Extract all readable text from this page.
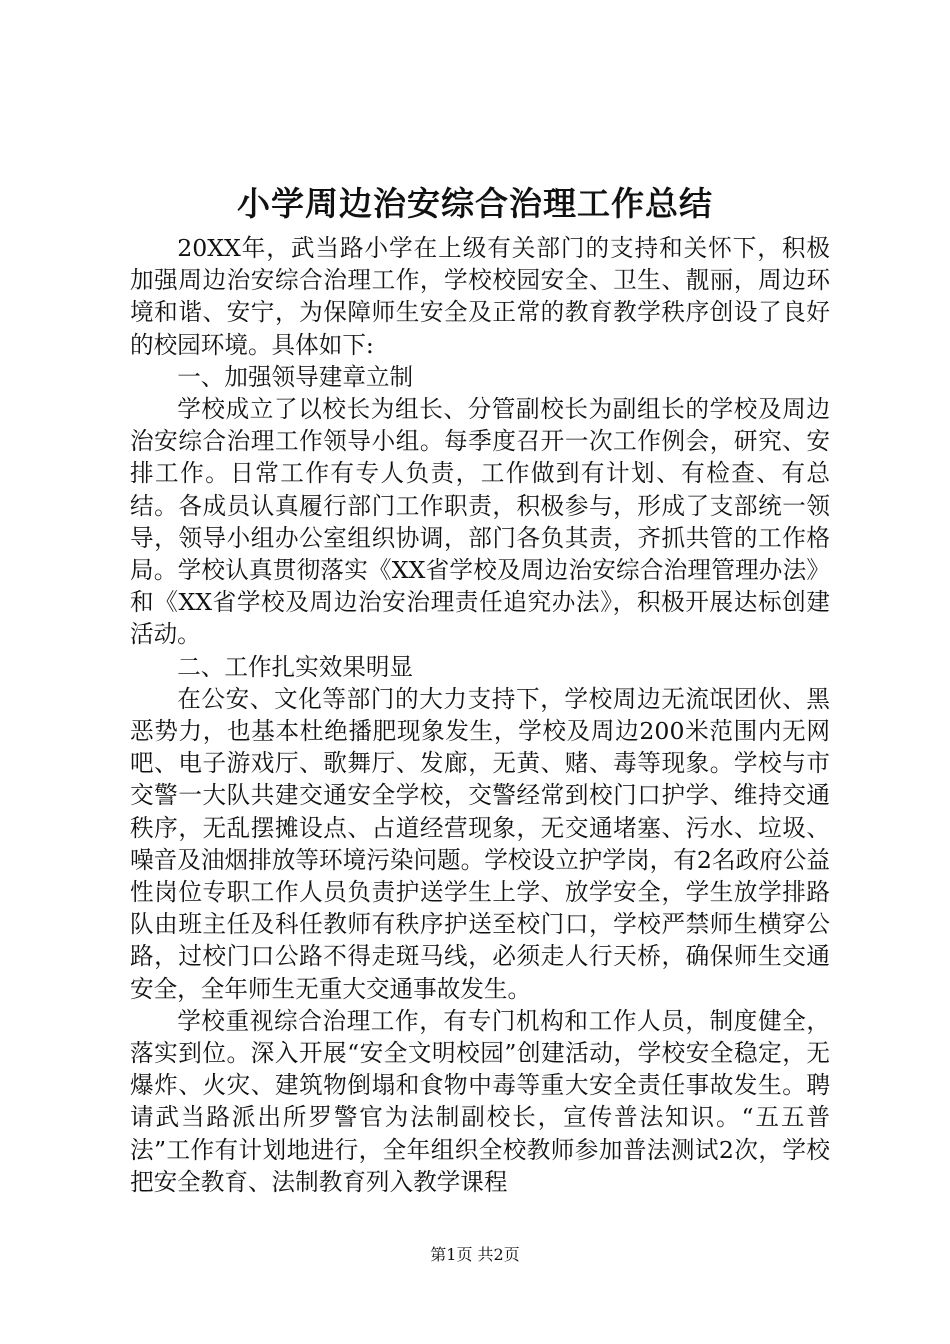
小学周边治安综合治理工作总结

20XX年，武当路小学在上级有关部门的支持和关怀下，积极加强周边治安综合治理工作，学校校园安全、卫生、靓丽，周边环境和谐、安宁，为保障师生安全及正常的教育教学秩序创设了良好的校园环境。具体如下:

一、加强领导建章立制

学校成立了以校长为组长、分管副校长为副组长的学校及周边治安综合治理工作领导小组。每季度召开一次工作例会，研究、安排工作。日常工作有专人负责，工作做到有计划、有检查、有总结。各成员认真履行部门工作职责，积极参与，形成了支部统一领导，领导小组办公室组织协调，部门各负其责，齐抓共管的工作格局。学校认真贯彻落实《XX省学校及周边治安综合治理管理办法》和《XX省学校及周边治安治理责任追究办法》，积极开展达标创建活动。

二、工作扎实效果明显

在公安、文化等部门的大力支持下，学校周边无流氓团伙、黑恶势力，也基本杜绝播肥现象发生，学校及周边200米范围内无网吧、电子游戏厅、歌舞厅、发廊，无黄、赌、毒等现象。学校与市交警一大队共建交通安全学校，交警经常到校门口护学、维持交通秩序，无乱摆摊设点、占道经营现象，无交通堵塞、污水、垃圾、噪音及油烟排放等环境污染问题。学校设立护学岗，有2名政府公益性岗位专职工作人员负责护送学生上学、放学安全，学生放学排路队由班主任及科任教师有秩序护送至校门口，学校严禁师生横穿公路，过校门口公路不得走斑马线，必须走人行天桥，确保师生交通安全，全年师生无重大交通事故发生。

学校重视综合治理工作，有专门机构和工作人员，制度健全，落实到位。深入开展“安全文明校园”创建活动，学校安全稳定，无爆炸、火灾、建筑物倒塌和食物中毒等重大安全责任事故发生。聘请武当路派出所罗警官为法制副校长，宣传普法知识。“五五普法”工作有计划地进行，全年组织全校教师参加普法测试2次，学校把安全教育、法制教育列入教学课程

第1页 共2页
